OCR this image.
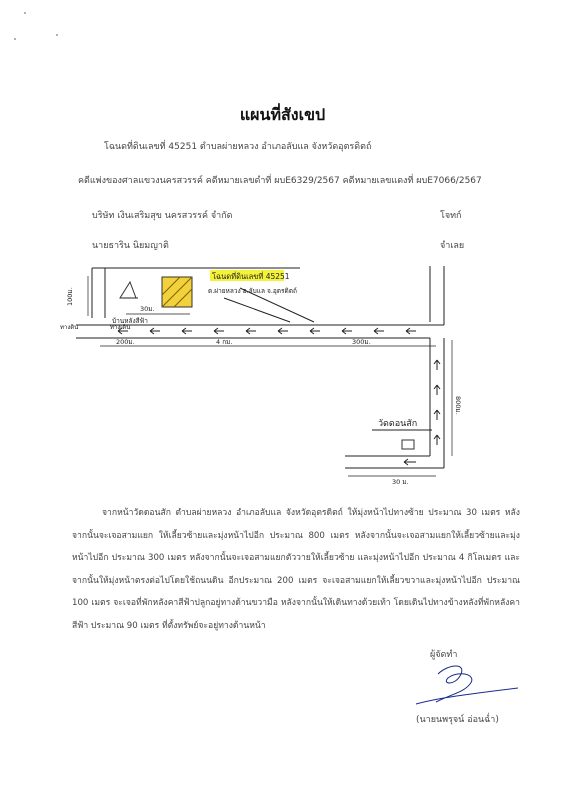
แผนที่สังเขป
โฉนดที่ดินเลขที่ 45251 ตำบลผ่ายหลวง อำเภอลับแล จังหวัดอุตรดิตถ์
คดีแพ่งของศาลแขวงนครสวรรค์ คดีหมายเลขดำที่ ผบE6329/2567 คดีหมายเลขแดงที่ ผบE7066/2567
บริษัท เงินเสริมสุข นครสวรรค์ จำกัด	โจทก์
นายธาริน นิยมญาติ	จำเลย
โฉนดที่ดินเลขที่ 45251
ต.ผ่ายหลวง อ.ลับแล จ.อุตรดิตถ์
บ้านหลังสีฟ้า
30ม.
100ม.
200ม.	4 กม.	300ม.
800ม.
30 ม.
ทางดิน	ทางเดิน
วัดดอนสัก
จากหน้าวัดดอนสัก ตำบลผ่ายหลวง อำเภอลับแล จังหวัดอุตรดิตถ์ ให้มุ่งหน้าไปทางซ้าย ประมาณ 30 เมตร หลังจากนั้นจะเจอสามแยก ให้เลี้ยวซ้ายและมุ่งหน้าไปอีก ประมาณ 800 เมตร หลังจากนั้นจะเจอสามแยกให้เลี้ยวซ้ายและมุ่งหน้าไปอีก ประมาณ 300 เมตร หลังจากนั้นจะเจอสามแยกตัววายให้เลี้ยวซ้าย และมุ่งหน้าไปอีก ประมาณ 4 กิโลเมตร และจากนั้นให้มุ่งหน้าตรงต่อไปโดยใช้ถนนดิน อีกประมาณ 200 เมตร จะเจอสามแยกให้เลี้ยวขวาและมุ่งหน้าไปอีก ประมาณ 100 เมตร จะเจอที่พักหลังคาสีฟ้าปลูกอยู่ทางด้านขวามือ หลังจากนั้นให้เดินทางด้วยเท้า โดยเดินไปทางข้างหลังที่พักหลังคาสีฟ้า ประมาณ 90 เมตร ที่ตั้งทรัพย์จะอยู่ทางด้านหน้า
ผู้จัดทำ
(นายนพรุจน์ อ่อนฉ่ำ)
